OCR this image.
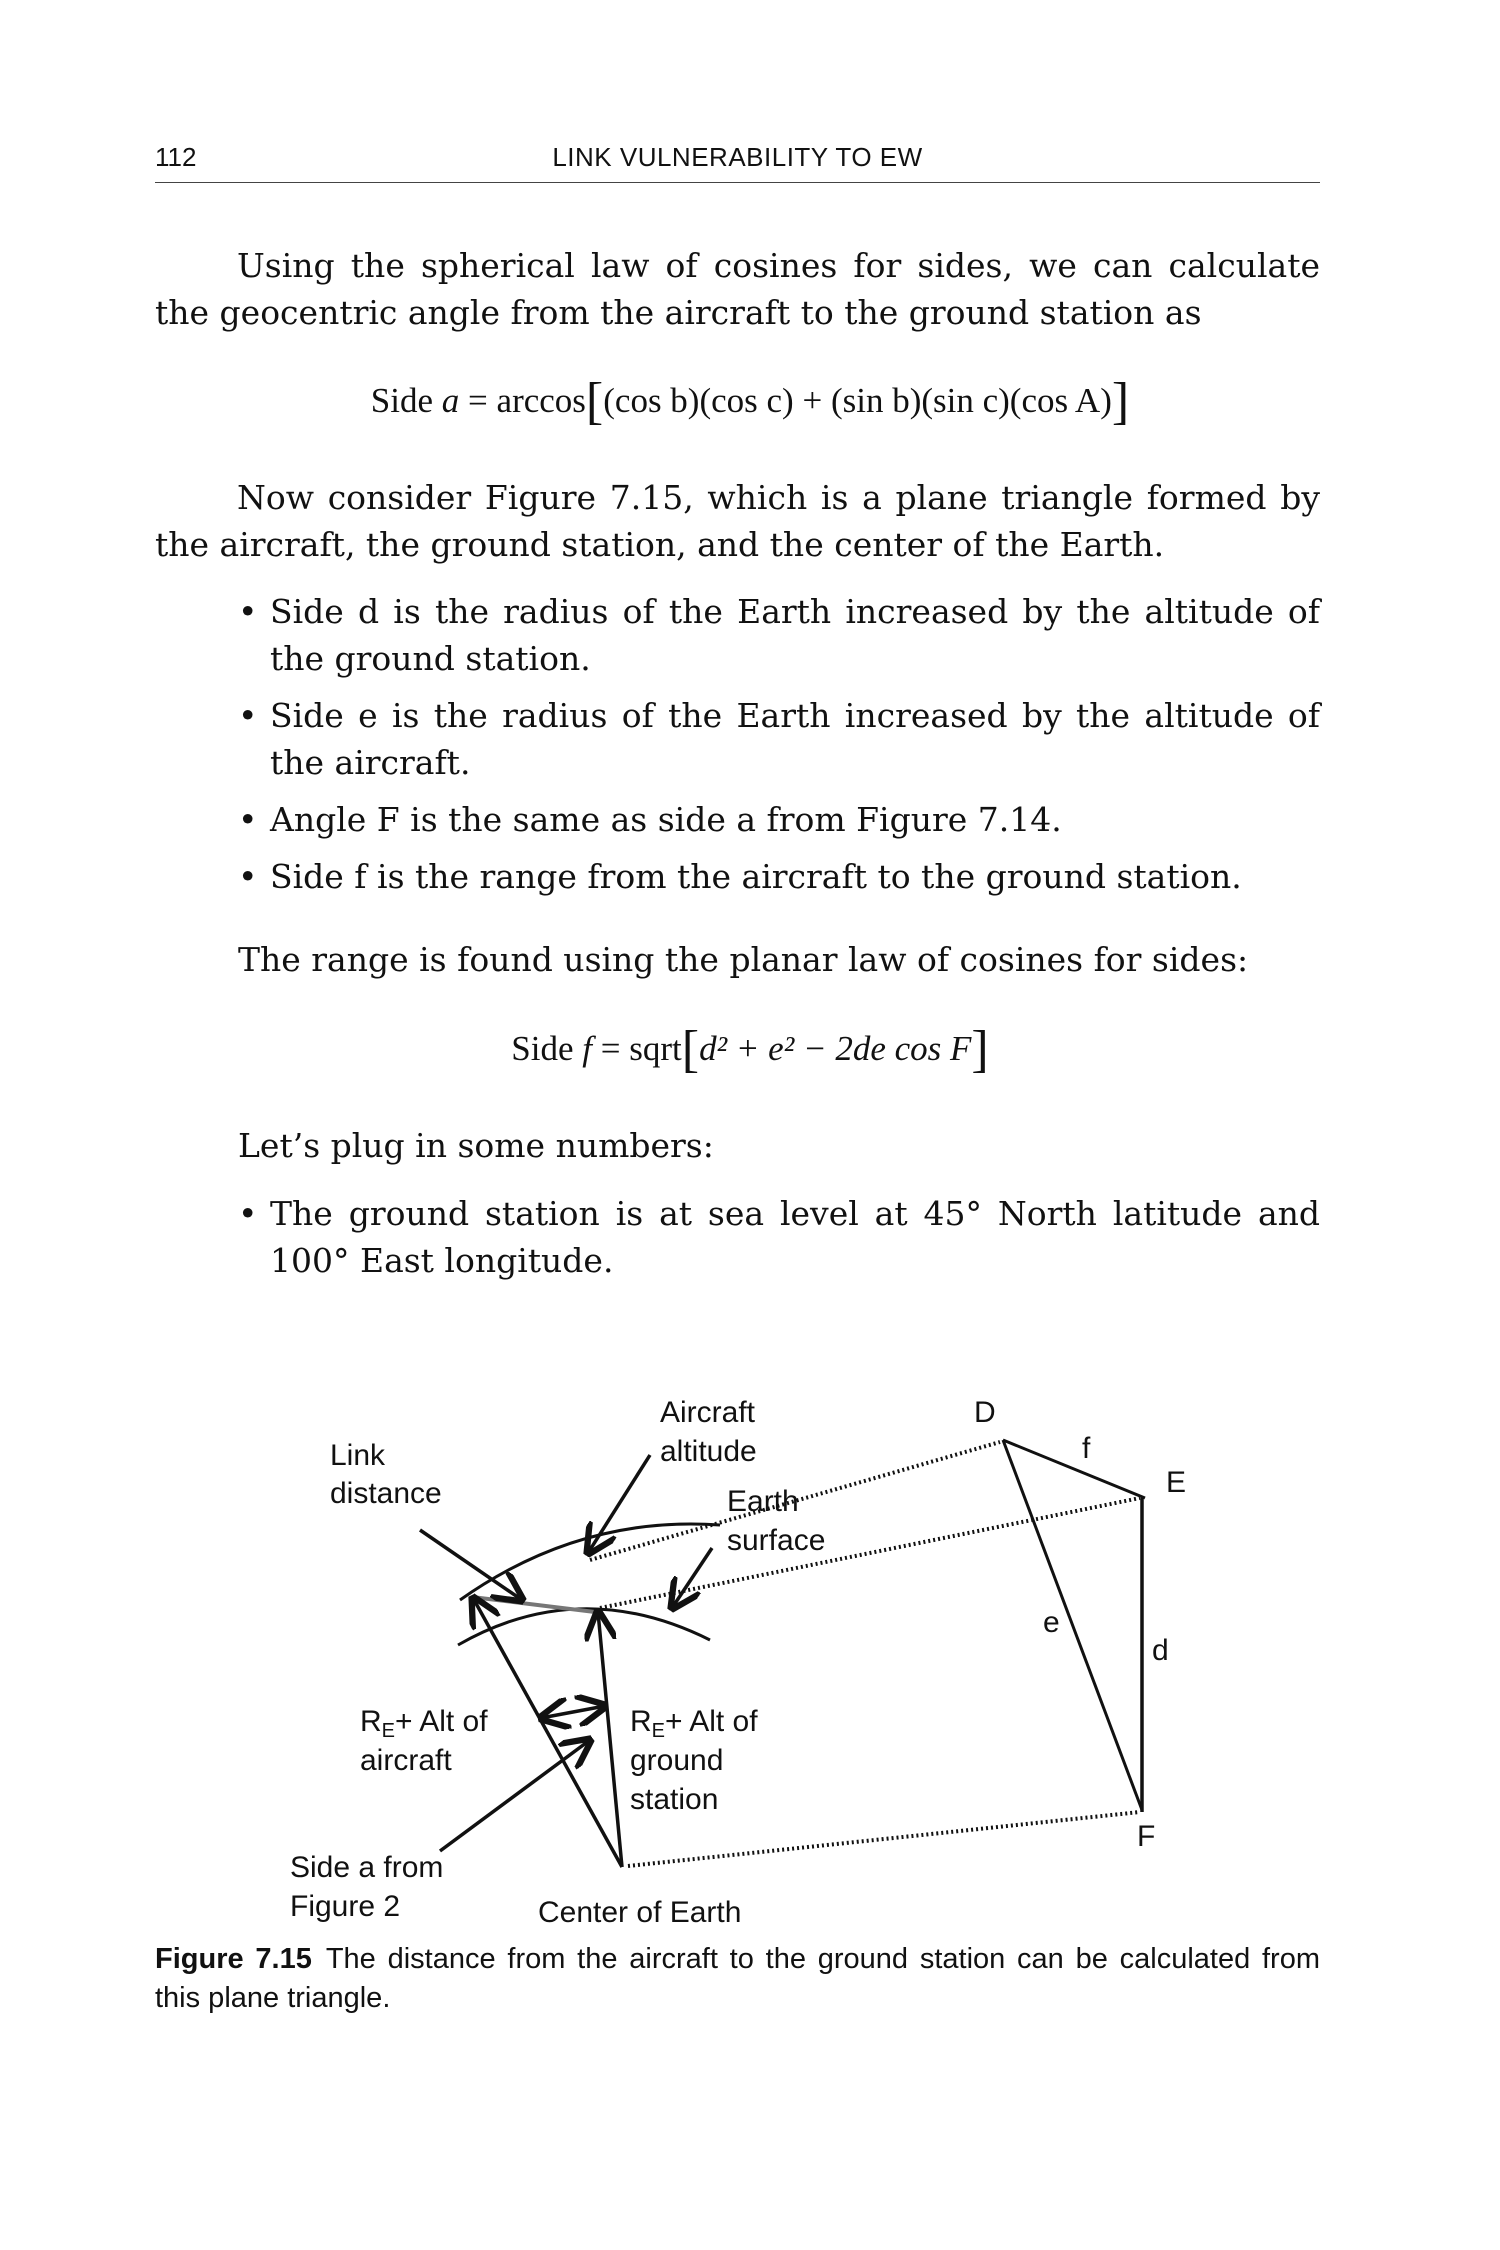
112	LINK VULNERABILITY TO EW

Using the spherical law of cosines for sides, we can calculate the geocentric angle from the aircraft to the ground station as

Side a = arccos[(cos b)(cos c) + (sin b)(sin c)(cos A)]

Now consider Figure 7.15, which is a plane triangle formed by the aircraft, the ground station, and the center of the Earth.

• Side d is the radius of the Earth increased by the altitude of the ground station.
• Side e is the radius of the Earth increased by the altitude of the aircraft.
• Angle F is the same as side a from Figure 7.14.
• Side f is the range from the aircraft to the ground station.

The range is found using the planar law of cosines for sides:

Side f = sqrt[d² + e² − 2de cos F]

Let’s plug in some numbers:

• The ground station is at sea level at 45° North latitude and 100° East longitude.
Aircraft
altitude
Link
distance	Earth
surface
$R_E+$ Alt of
aircraft
$R_E+$ Alt of
ground
station
Side a from
Figure 2	Center of Earth
D
f
E
e
d
F
Figure 7.15 The distance from the aircraft to the ground station can be calculated from this plane triangle.
